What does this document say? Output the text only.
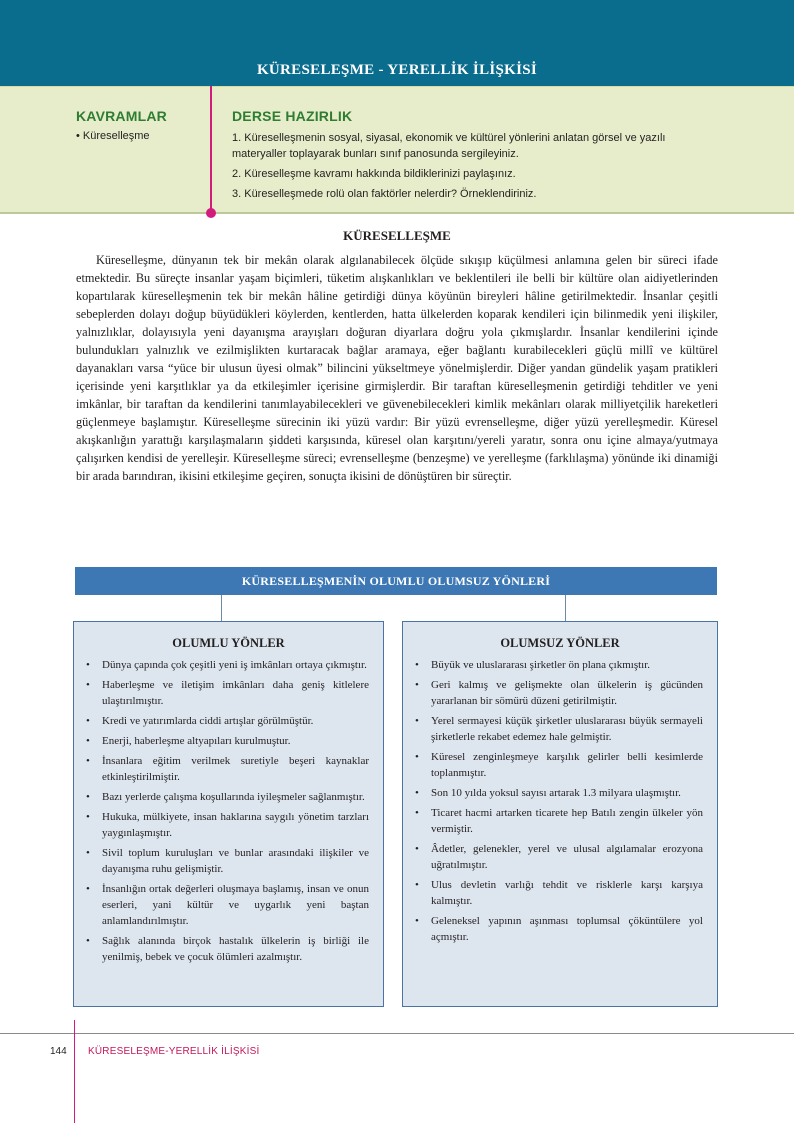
KÜRESELEŞME - YERELLİK İLİŞKİSİ
KAVRAMLAR
• Küreselleşme
DERSE HAZIRLIK
1. Küreselleşmenin sosyal, siyasal, ekonomik ve kültürel yönlerini anlatan görsel ve yazılı materyaller toplayarak bunları sınıf panosunda sergileyiniz.
2. Küreselleşme kavramı hakkında bildiklerinizi paylaşınız.
3. Küreselleşmede rolü olan faktörler nelerdir? Örneklendiriniz.
KÜRESELLEŞME

Küreselleşme, dünyanın tek bir mekân olarak algılanabilecek ölçüde sıkışıp küçülmesi anlamına gelen bir süreci ifade etmektedir. Bu süreçte insanlar yaşam biçimleri, tüketim alışkanlıkları ve beklentileri ile belli bir kültüre olan aidiyetlerinden kopartılarak küreselleşmenin tek bir mekân hâline getirdiği dünya köyünün bireyleri hâline getirilmektedir. İnsanlar çeşitli sebeplerden dolayı doğup büyüdükleri köylerden, kentlerden, hatta ülkelerden koparak kendileri için bilinmedik yeni ilişkiler, yalnızlıklar, dolayısıyla yeni dayanışma arayışları doğuran diyarlara doğru yola çıkmışlardır. İnsanlar kendilerini içinde bulundukları yalnızlık ve ezilmişlikten kurtaracak bağlar aramaya, eğer bağlantı kurabilecekleri güçlü millî ve kültürel dayanakları varsa “yüce bir ulusun üyesi olmak” bilincini yükseltmeye yönelmişlerdir. Diğer yandan gündelik yaşam pratikleri içerisinde yeni karşıtlıklar ya da etkileşimler içerisine girmişlerdir. Bir taraftan küreselleşmenin getirdiği tehditler ve yeni imkânlar, bir taraftan da kendilerini tanımlayabilecekleri ve güvenebilecekleri kimlik mekânları olarak milliyetçilik hareketleri güçlenmeye başlamıştır. Küreselleşme sürecinin iki yüzü vardır: Bir yüzü evrenselleşme, diğer yüzü yerelleşmedir. Küresel akışkanlığın yarattığı karşılaşmaların şiddeti karşısında, küresel olan karşıtını/yereli yaratır, sonra onu içine almaya/yutmaya çalışırken kendisi de yerelleşir. Küreselleşme süreci; evrenselleşme (benzeşme) ve yerelleşme (farklılaşma) yönünde iki dinamiği bir arada barındıran, ikisini etkileşime geçiren, sonuçta ikisini de dönüştüren bir süreçtir.

KÜRESELLEŞMENİN OLUMLU OLUMSUZ YÖNLERİ
OLUMLU YÖNLER
• Dünya çapında çok çeşitli yeni iş imkânları ortaya çıkmıştır.
• Haberleşme ve iletişim imkânları daha geniş kitlelere ulaştırılmıştır.
• Kredi ve yatırımlarda ciddi artışlar görülmüştür.
• Enerji, haberleşme altyapıları kurulmuştur.
• İnsanlara eğitim verilmek suretiyle beşeri kaynaklar etkinleştirilmiştir.
• Bazı yerlerde çalışma koşullarında iyileşmeler sağlanmıştır.
• Hukuka, mülkiyete, insan haklarına saygılı yönetim tarzları yaygınlaşmıştır.
• Sivil toplum kuruluşları ve bunlar arasındaki ilişkiler ve dayanışma ruhu gelişmiştir.
• İnsanlığın ortak değerleri oluşmaya başlamış, insan ve onun eserleri, yani kültür ve uygarlık yeni baştan anlamlandırılmıştır.
• Sağlık alanında birçok hastalık ülkelerin iş birliği ile yenilmiş, bebek ve çocuk ölümleri azalmıştır.
OLUMSUZ YÖNLER
• Büyük ve uluslararası şirketler ön plana çıkmıştır.
• Geri kalmış ve gelişmekte olan ülkelerin iş gücünden yararlanan bir sömürü düzeni getirilmiştir.
• Yerel sermayesi küçük şirketler uluslararası büyük sermayeli şirketlerle rekabet edemez hale gelmiştir.
• Küresel zenginleşmeye karşılık gelirler belli kesimlerde toplanmıştır.
• Son 10 yılda yoksul sayısı artarak 1.3 milyara ulaşmıştır.
• Ticaret hacmi artarken ticarete hep Batılı zengin ülkeler yön vermiştir.
• Âdetler, gelenekler, yerel ve ulusal algılamalar erozyona uğratılmıştır.
• Ulus devletin varlığı tehdit ve risklerle karşı karşıya kalmıştır.
• Geleneksel yapının aşınması toplumsal çöküntülere yol açmıştır.
144 KÜRESELEŞME-YERELLİK İLİŞKİSİ
